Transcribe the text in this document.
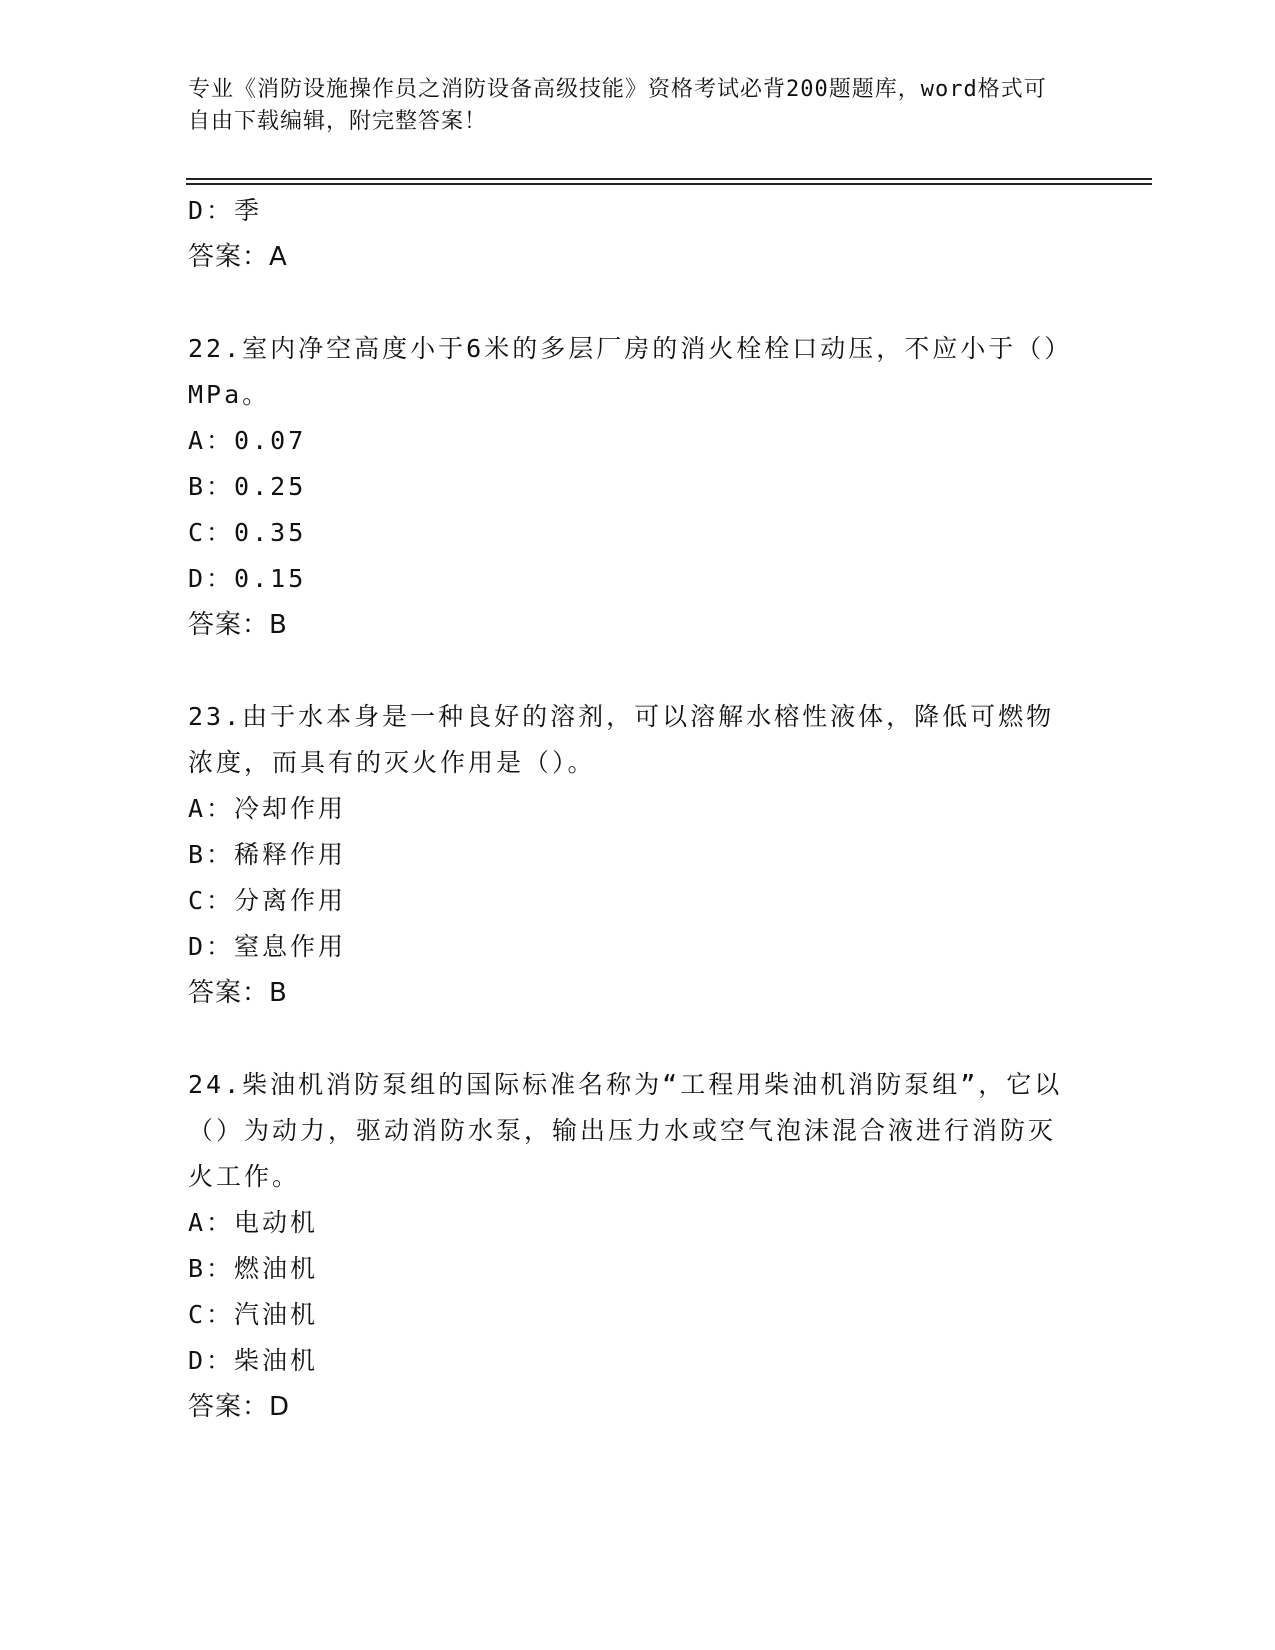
专业《消防设施操作员之消防设备高级技能》资格考试必背200题题库，word格式可自由下载编辑，附完整答案！
D：季
答案：A
22.室内净空高度小于6米的多层厂房的消火栓栓口动压，不应小于（）MPa。
A：0.07
B：0.25
C：0.35
D：0.15
答案：B
23.由于水本身是一种良好的溶剂，可以溶解水榕性液体，降低可燃物浓度，而具有的灭火作用是（）。
A：冷却作用
B：稀释作用
C：分离作用
D：窒息作用
答案：B
24.柴油机消防泵组的国际标准名称为“工程用柴油机消防泵组”，它以（）为动力，驱动消防水泵，输出压力水或空气泡沫混合液进行消防灭火工作。
A：电动机
B：燃油机
C：汽油机
D：柴油机
答案：D
